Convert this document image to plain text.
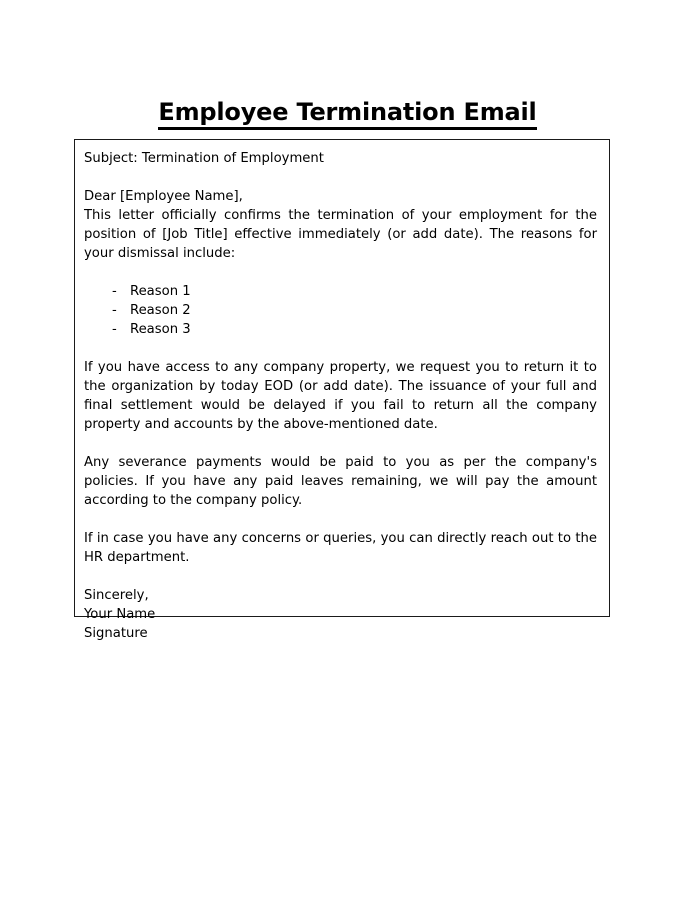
Employee Termination Email

Subject: Termination of Employment

Dear [Employee Name],
This letter officially confirms the termination of your employment for the position of [Job Title] effective immediately (or add date). The reasons for your dismissal include:

- Reason 1
- Reason 2
- Reason 3

If you have access to any company property, we request you to return it to the organization by today EOD (or add date). The issuance of your full and final settlement would be delayed if you fail to return all the company property and accounts by the above-mentioned date.

Any severance payments would be paid to you as per the company's policies. If you have any paid leaves remaining, we will pay the amount according to the company policy.

If in case you have any concerns or queries, you can directly reach out to the HR department.

Sincerely,
Your Name
Signature
